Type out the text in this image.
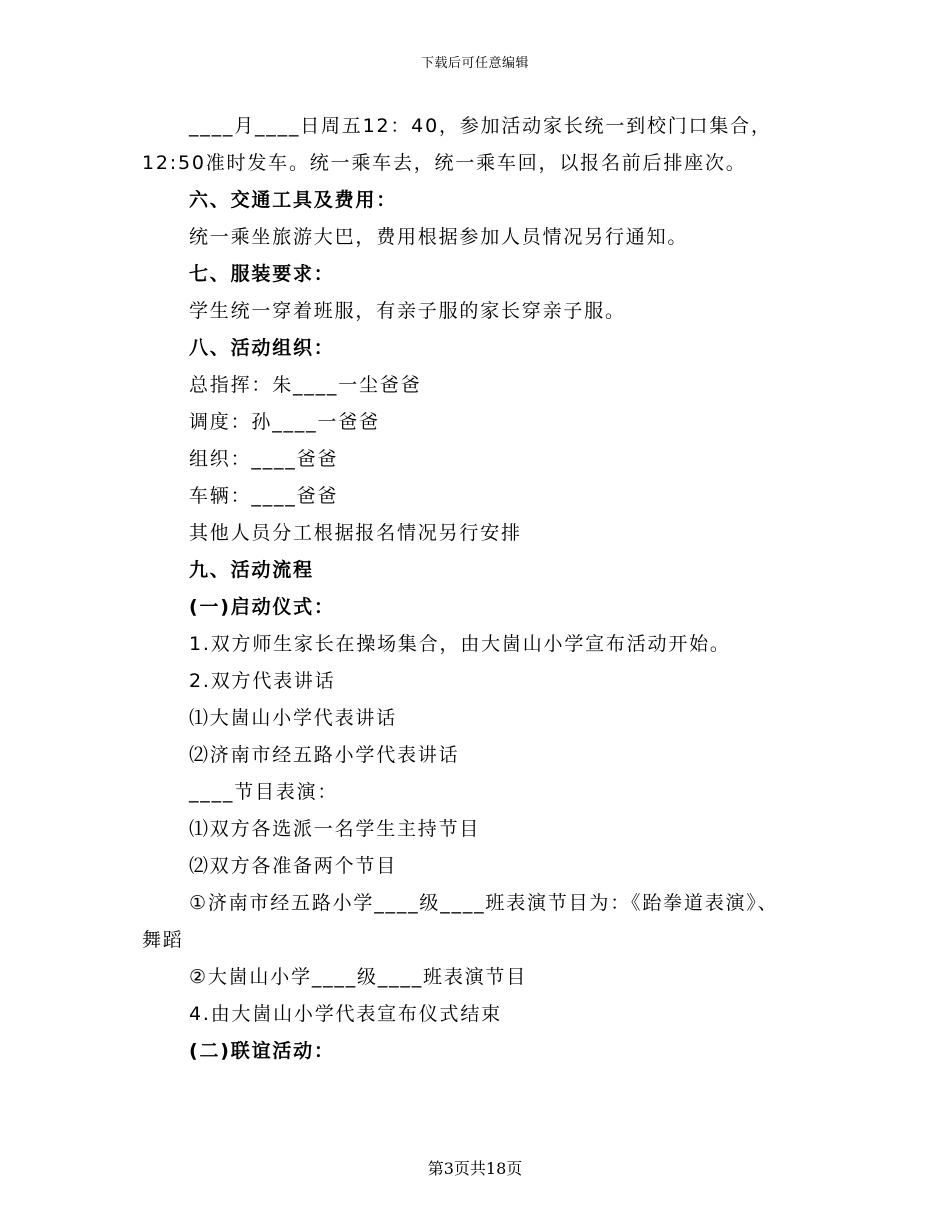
下载后可任意编辑
____月____日周五12：40，参加活动家长统一到校门口集合，
12:50准时发车。统一乘车去，统一乘车回，以报名前后排座次。
六、交通工具及费用：
统一乘坐旅游大巴，费用根据参加人员情况另行通知。
七、服装要求：
学生统一穿着班服，有亲子服的家长穿亲子服。
八、活动组织：
总指挥：朱____一尘爸爸
调度：孙____一爸爸
组织：____爸爸
车辆：____爸爸
其他人员分工根据报名情况另行安排
九、活动流程
(一)启动仪式：
1.双方师生家长在操场集合，由大崮山小学宣布活动开始。
2.双方代表讲话
⑴大崮山小学代表讲话
⑵济南市经五路小学代表讲话
____节目表演：
⑴双方各选派一名学生主持节目
⑵双方各准备两个节目
①济南市经五路小学____级____班表演节目为：《跆拳道表演》、
舞蹈
②大崮山小学____级____班表演节目
4.由大崮山小学代表宣布仪式结束
(二)联谊活动：
第3页共18页
